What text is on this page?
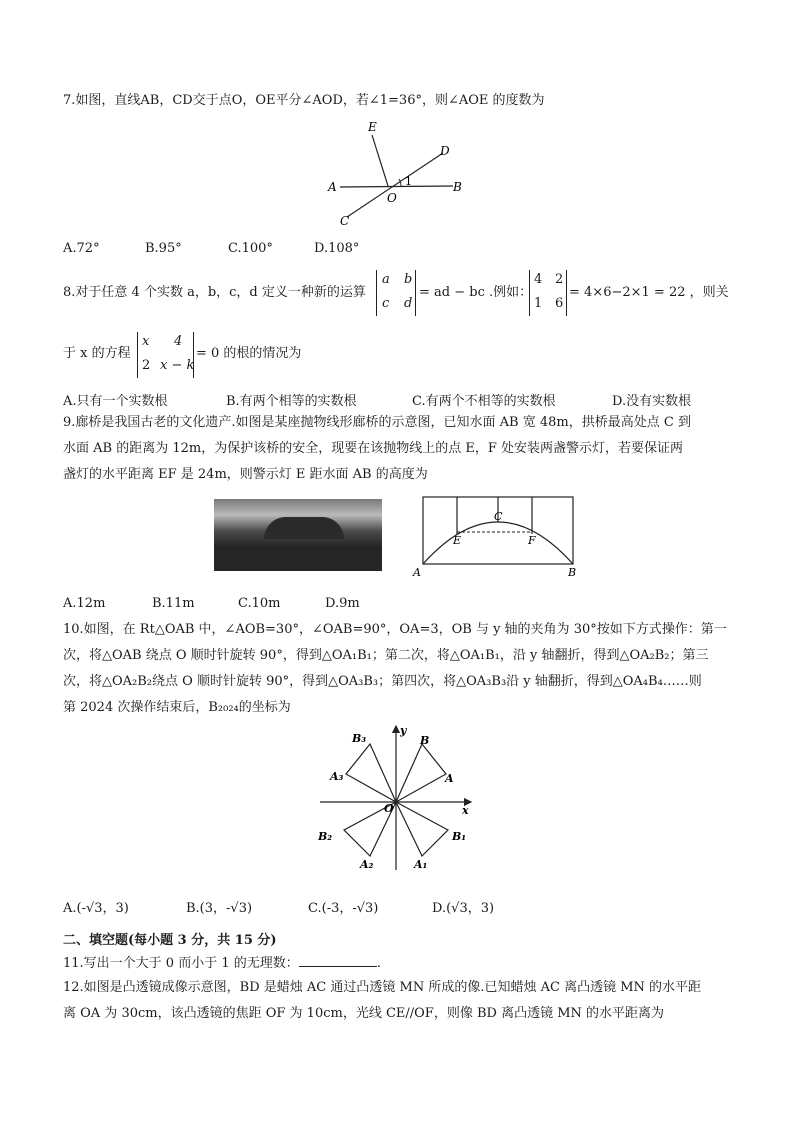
7.如图，直线AB，CD交于点O，OE平分∠AOD，若∠1=36°，则∠AOE 的度数为
E
D
A	B
O
C
1
A.72°	B.95°	C.100°	D.108°
8.对于任意 4 个实数 a，b，c，d 定义一种新的运算
a b
c d
= ad − bc .例如：
4 2
1 6
= 4×6−2×1 = 22 ，则关
于 x 的方程
x 4
2 x − k
= 0 的根的情况为
A.只有一个实数根	B.有两个相等的实数根	C.有两个不相等的实数根	D.没有实数根
9.廊桥是我国古老的文化遗产.如图是某座抛物线形廊桥的示意图，已知水面 AB 宽 48m，拱桥最高处点 C 到
水面 AB 的距离为 12m，为保护该桥的安全，现要在该抛物线上的点 E，F 处安装两盏警示灯，若要保证两
盏灯的水平距离 EF 是 24m，则警示灯 E 距水面 AB 的高度为
C
E	F
A	B
A.12m	B.11m	C.10m	D.9m
10.如图，在 Rt△OAB 中，∠AOB=30°，∠OAB=90°，OA=3，OB 与 y 轴的夹角为 30°按如下方式操作：第一
次，将△OAB 绕点 O 顺时针旋转 90°，得到△OA₁B₁；第二次，将△OA₁B₁，沿 y 轴翻折，得到△OA₂B₂；第三
次，将△OA₂B₂绕点 O 顺时针旋转 90°，得到△OA₃B₃；第四次，将△OA₃B₃沿 y 轴翻折，得到△OA₄B₄……则
第 2024 次操作结束后，B₂₀₂₄的坐标为
y
x
O
B
A
B₃
A₃
B₂
A₂	A₁
B₁
A.(-√3，3)	B.(3，-√3)	C.(-3，-√3)	D.(√3，3)
二、填空题(每小题 3 分，共 15 分)
11.写出一个大于 0 而小于 1 的无理数：	.
12.如图是凸透镜成像示意图，BD 是蜡烛 AC 通过凸透镜 MN 所成的像.已知蜡烛 AC 离凸透镜 MN 的水平距
离 OA 为 30cm，该凸透镜的焦距 OF 为 10cm，光线 CE//OF，则像 BD 离凸透镜 MN 的水平距离为
